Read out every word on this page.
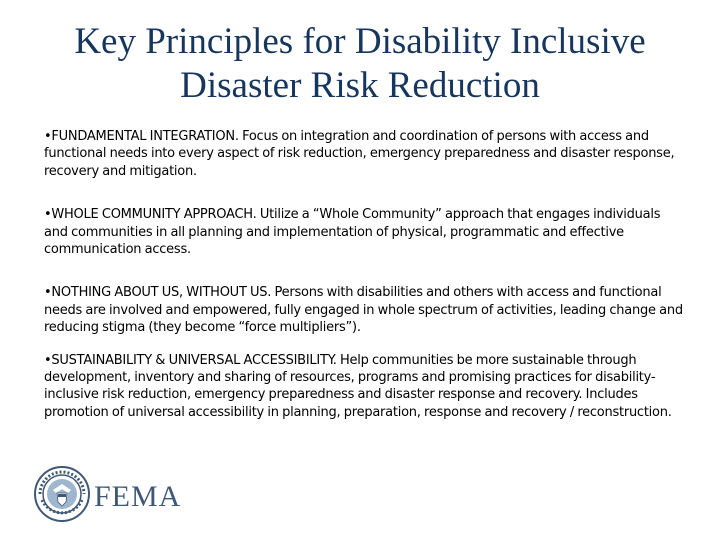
Key Principles for Disability Inclusive
Disaster Risk Reduction
•FUNDAMENTAL INTEGRATION. Focus on integration and coordination of persons with access and functional needs into every aspect of risk reduction, emergency preparedness and disaster response, recovery and mitigation.
•WHOLE COMMUNITY APPROACH. Utilize a “Whole Community” approach that engages individuals and communities in all planning and implementation of physical, programmatic and effective communication access.
•NOTHING ABOUT US, WITHOUT US. Persons with disabilities and others with access and functional needs are involved and empowered, fully engaged in whole spectrum of activities, leading change and reducing stigma (they become “force multipliers”).
•SUSTAINABILITY & UNIVERSAL ACCESSIBILITY. Help communities be more sustainable through development, inventory and sharing of resources, programs and promising practices for disability-inclusive risk reduction, emergency preparedness and disaster response and recovery. Includes promotion of universal accessibility in planning, preparation, response and recovery / reconstruction.
FEMA
